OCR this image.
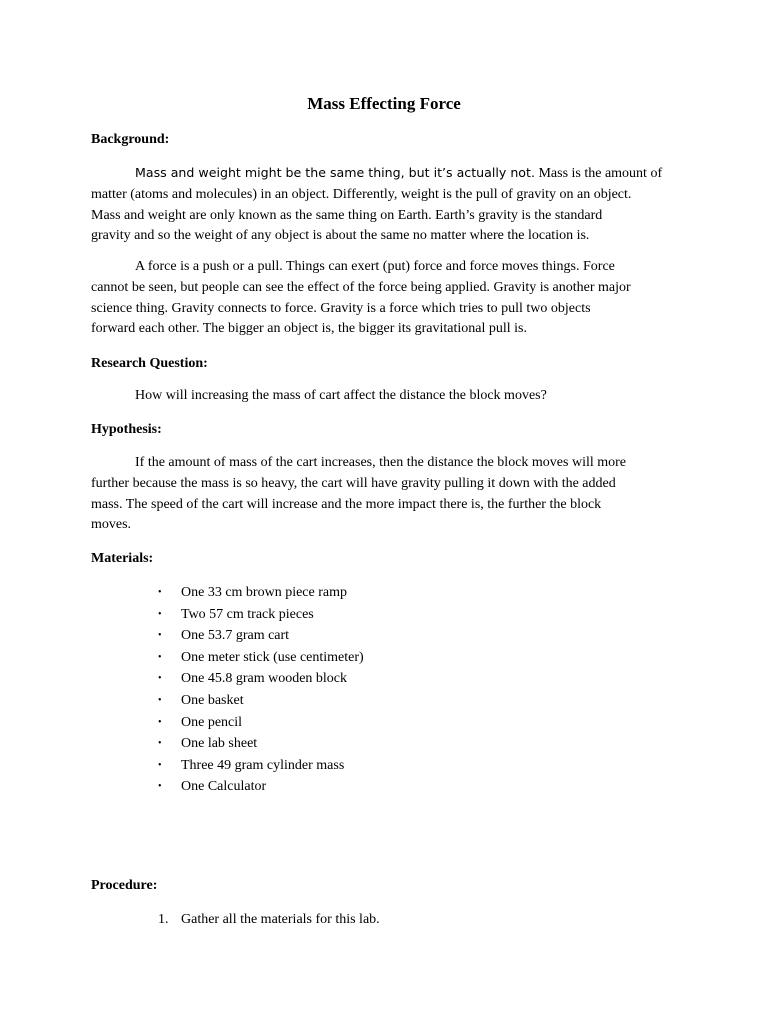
Mass Effecting Force
Background:
Mass and weight might be the same thing, but it’s actually not. Mass is the amount of
matter (atoms and molecules) in an object. Differently, weight is the pull of gravity on an object.
Mass and weight are only known as the same thing on Earth. Earth’s gravity is the standard
gravity and so the weight of any object is about the same no matter where the location is.
A force is a push or a pull. Things can exert (put) force and force moves things. Force
cannot be seen, but people can see the effect of the force being applied. Gravity is another major
science thing. Gravity connects to force. Gravity is a force which tries to pull two objects
forward each other. The bigger an object is, the bigger its gravitational pull is.
Research Question:
How will increasing the mass of cart affect the distance the block moves?
Hypothesis:
If the amount of mass of the cart increases, then the distance the block moves will more
further because the mass is so heavy, the cart will have gravity pulling it down with the added
mass. The speed of the cart will increase and the more impact there is, the further the block
moves.
Materials:
• One 33 cm brown piece ramp
• Two 57 cm track pieces
• One 53.7 gram cart
• One meter stick (use centimeter)
• One 45.8 gram wooden block
• One basket
• One pencil
• One lab sheet
• Three 49 gram cylinder mass
• One Calculator
Procedure:
1. Gather all the materials for this lab.
